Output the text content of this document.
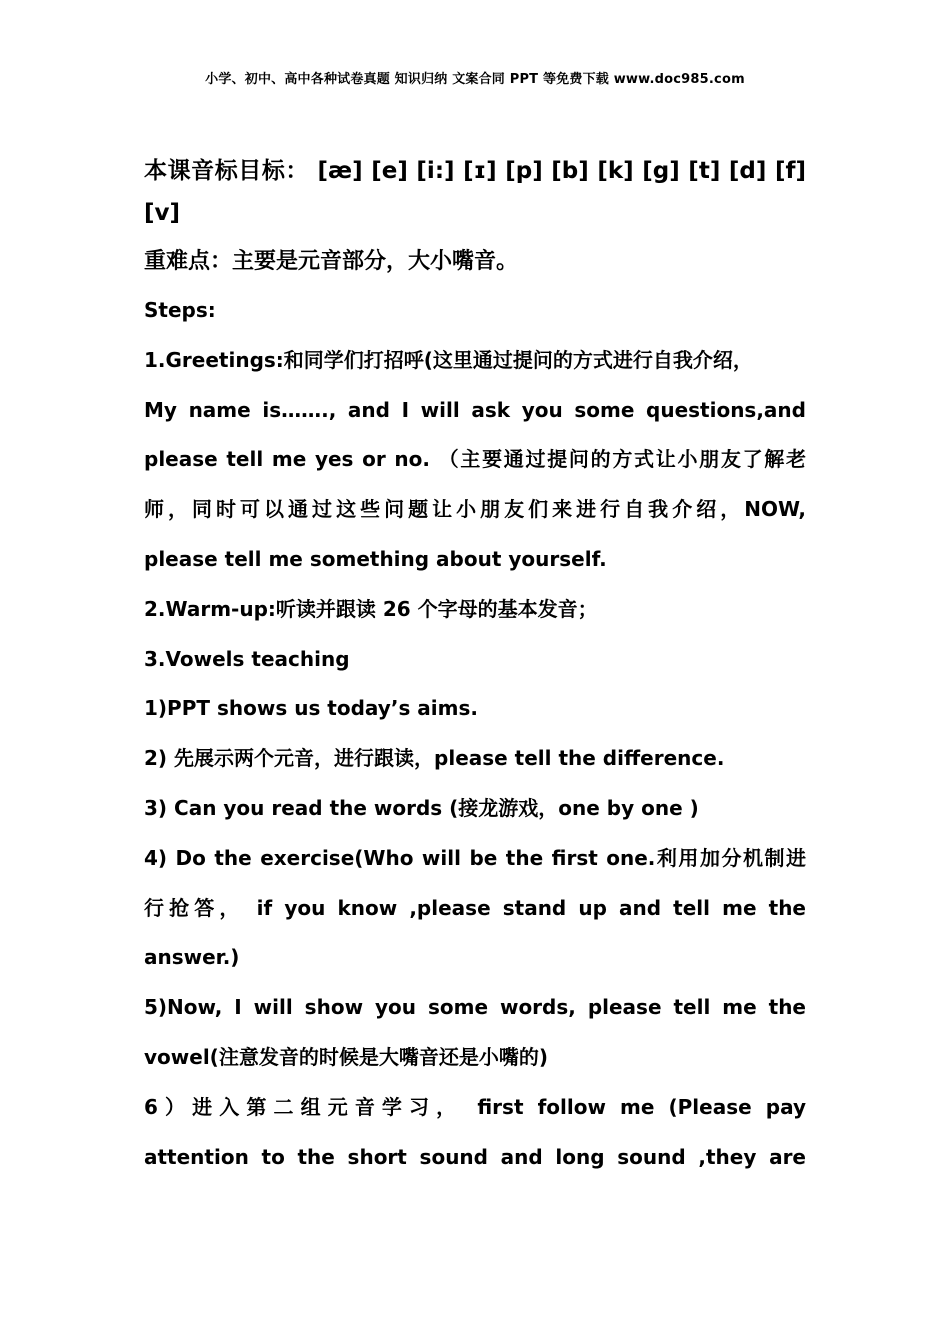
小学、初中、高中各种试卷真题 知识归纳 文案合同 PPT 等免费下载 www.doc985.com

本课音标目标： [æ] [e] [i:] [ɪ] [p] [b] [k] [g] [t] [d] [f]

[v]

重难点：主要是元音部分，大小嘴音。

Steps:

1.Greetings:和同学们打招呼(这里通过提问的方式进行自我介绍，

My name is……., and I will ask you some questions,and

please tell me yes or no. （主要通过提问的方式让小朋友了解老

师，同时可以通过这些问题让小朋友们来进行自我介绍，NOW,

please tell me something about yourself.

2.Warm-up:听读并跟读 26 个字母的基本发音；

3.Vowels teaching

1)PPT shows us today’s aims.

2) 先展示两个元音，进行跟读，please tell the difference.

3) Can you read the words (接龙游戏，one by one )

4) Do the exercise(Who will be the first one.利用加分机制进

行抢答， if you know ,please stand up and tell me the

answer.)

5)Now, I will show you some words, please tell me the

vowel(注意发音的时候是大嘴音还是小嘴的)

6）进入第二组元音学习， first follow me (Please pay

attention to the short sound and long sound ,they are
